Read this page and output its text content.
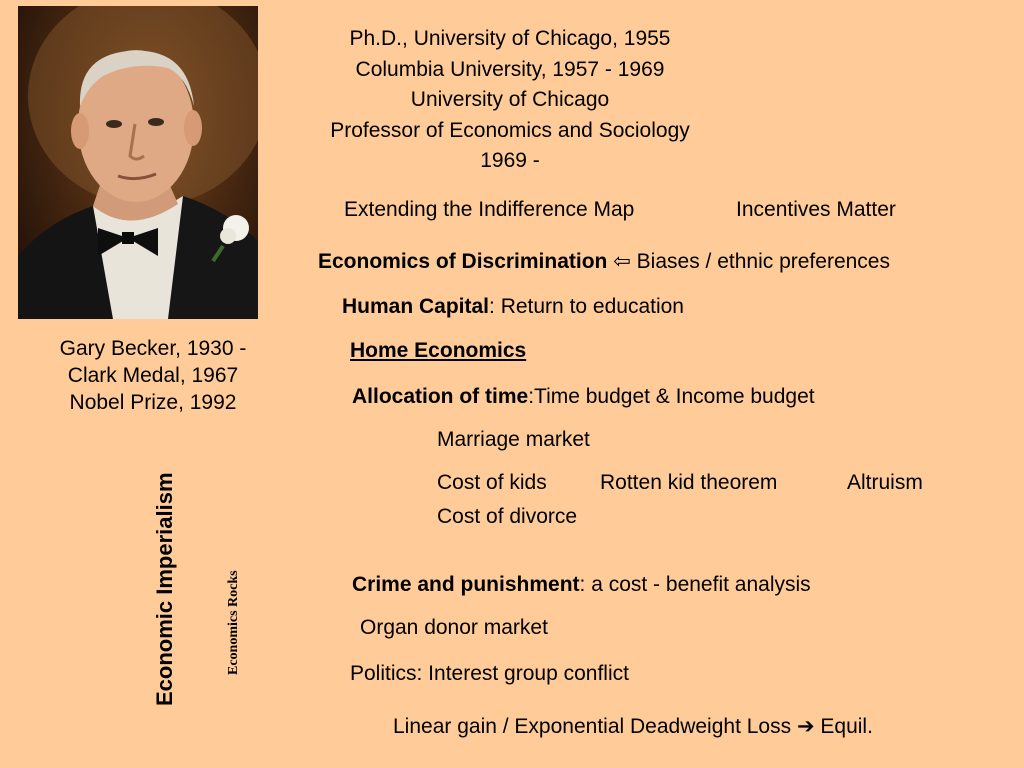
Gary Becker, 1930 -
Clark Medal, 1967
Nobel Prize, 1992
Economic Imperialism	Economics Rocks
Ph.D., University of Chicago, 1955
Columbia University, 1957 - 1969
University of Chicago
Professor of Economics and Sociology
1969 -
Extending the Indifference Map	Incentives Matter
Economics of Discrimination ⇦ Biases / ethnic preferences
Human Capital: Return to education
Home Economics
Allocation of time:Time budget & Income budget
Marriage market
Cost of kids	Rotten kid theorem	Altruism
Cost of divorce
Crime and punishment: a cost - benefit analysis
Organ donor market
Politics: Interest group conflict
Linear gain / Exponential Deadweight Loss ➔ Equil.
